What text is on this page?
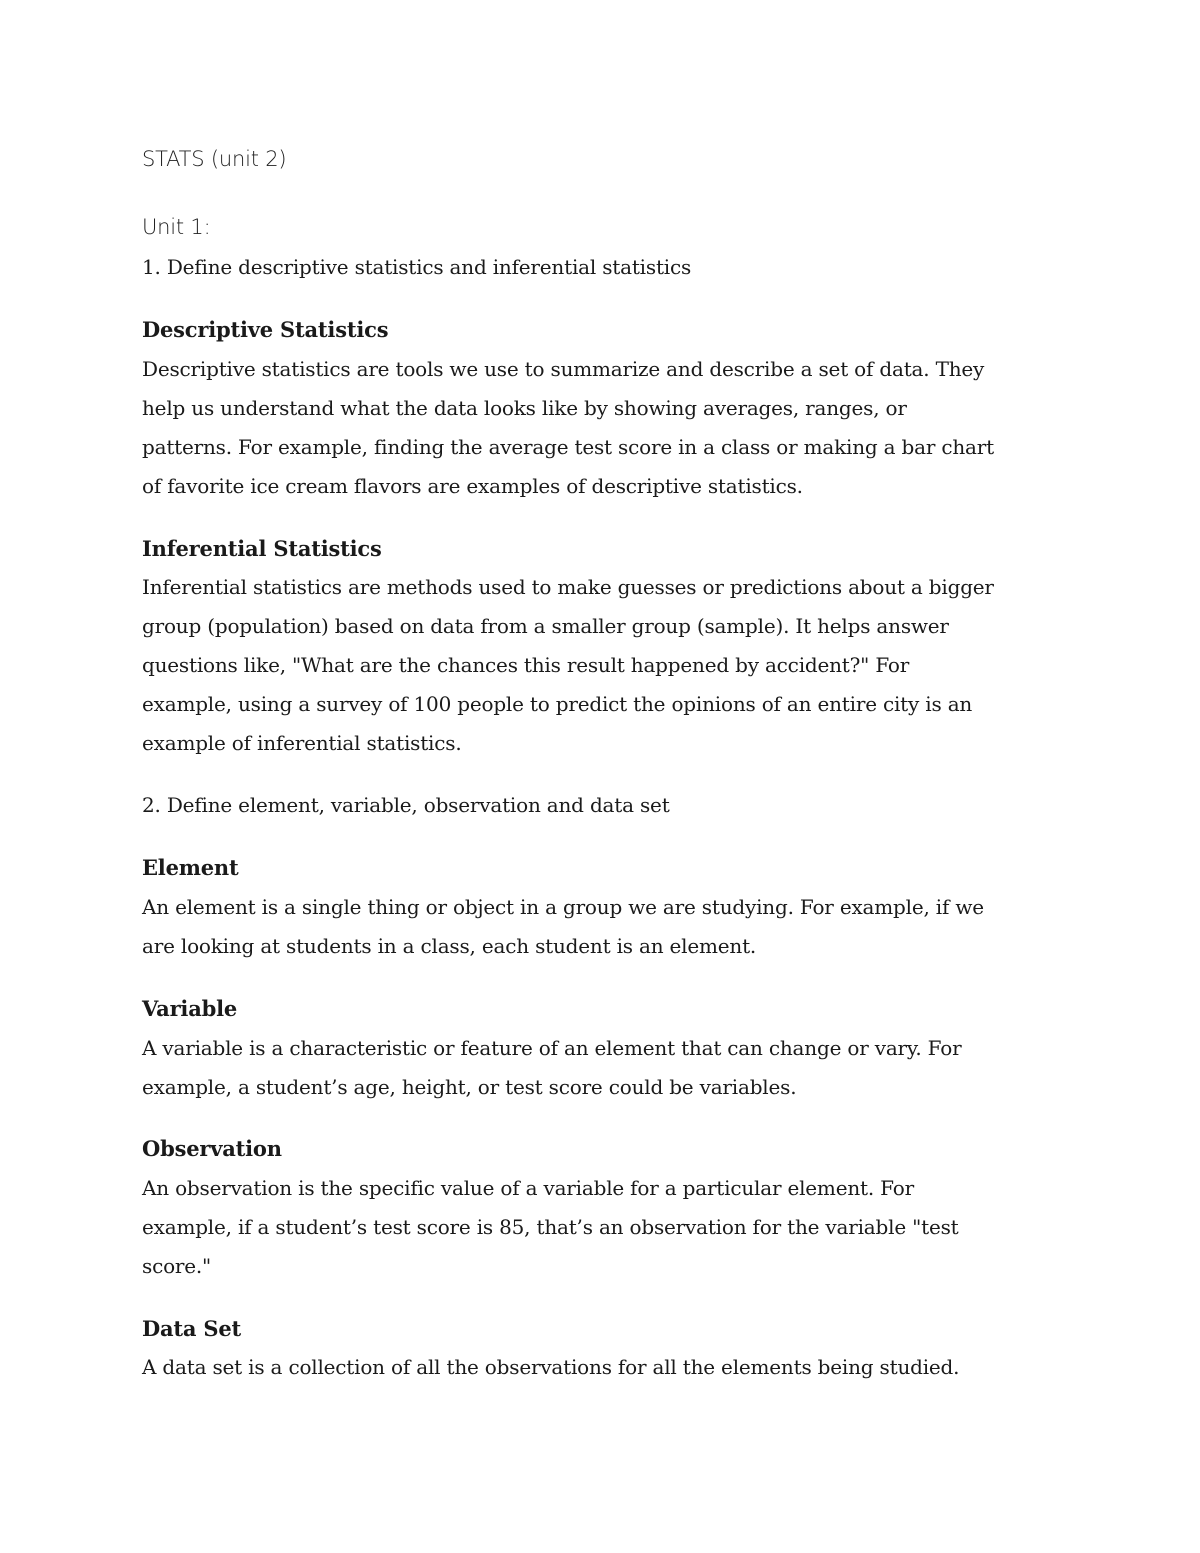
STATS (unit 2)
Unit 1:
1. Define descriptive statistics and inferential statistics
Descriptive Statistics
Descriptive statistics are tools we use to summarize and describe a set of data. They
help us understand what the data looks like by showing averages, ranges, or
patterns. For example, finding the average test score in a class or making a bar chart
of favorite ice cream flavors are examples of descriptive statistics.
Inferential Statistics
Inferential statistics are methods used to make guesses or predictions about a bigger
group (population) based on data from a smaller group (sample). It helps answer
questions like, "What are the chances this result happened by accident?" For
example, using a survey of 100 people to predict the opinions of an entire city is an
example of inferential statistics.
2. Define element, variable, observation and data set
Element
An element is a single thing or object in a group we are studying. For example, if we
are looking at students in a class, each student is an element.
Variable
A variable is a characteristic or feature of an element that can change or vary. For
example, a student’s age, height, or test score could be variables.
Observation
An observation is the specific value of a variable for a particular element. For
example, if a student’s test score is 85, that’s an observation for the variable "test
score."
Data Set
A data set is a collection of all the observations for all the elements being studied.
